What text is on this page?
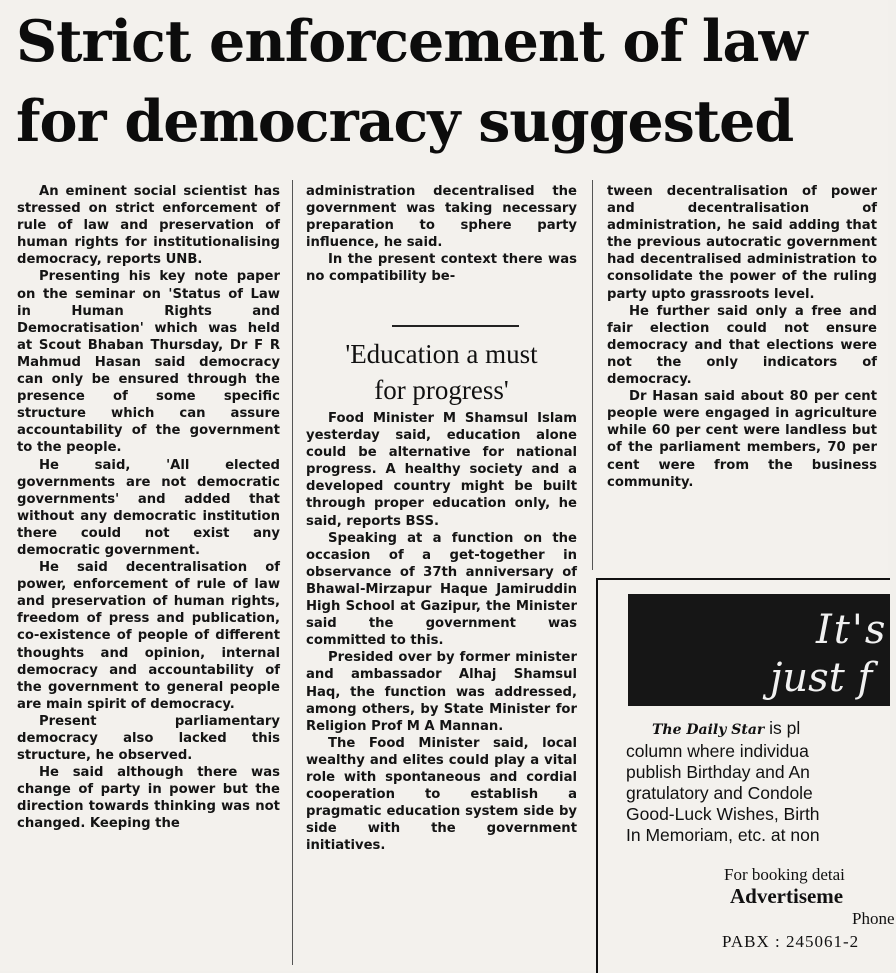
Strict enforcement of law
for democracy suggested

An eminent social scientist has stressed on strict enforcement of rule of law and preservation of human rights for institutionalising democracy, reports UNB.

Presenting his key note paper on the seminar on 'Status of Law in Human Rights and Democratisation' which was held at Scout Bhaban Thursday, Dr F R Mahmud Hasan said democracy can only be ensured through the presence of some specific structure which can assure accountability of the government to the people.

He said, 'All elected governments are not democratic governments' and added that without any democratic institution there could not exist any democratic government.

He said decentralisation of power, enforcement of rule of law and preservation of human rights, freedom of press and publication, co-existence of people of different thoughts and opinion, internal democracy and accountability of the government to general people are main spirit of democracy.

Present parliamentary democracy also lacked this structure, he observed.

He said although there was change of party in power but the direction towards thinking was not changed. Keeping the

administration decentralised the government was taking necessary preparation to sphere party influence, he said.

In the present context there was no compatibility be-

'Education a must
for progress'

Food Minister M Shamsul Islam yesterday said, education alone could be alternative for national progress. A healthy society and a developed country might be built through proper education only, he said, reports BSS.

Speaking at a function on the occasion of a get-together in observance of 37th anniversary of Bhawal-Mirzapur Haque Jamiruddin High School at Gazipur, the Minister said the government was committed to this.

Presided over by former minister and ambassador Alhaj Shamsul Haq, the function was addressed, among others, by State Minister for Religion Prof M A Mannan.

The Food Minister said, local wealthy and elites could play a vital role with spontaneous and cordial cooperation to establish a pragmatic education system side by side with the government initiatives.

tween decentralisation of power and decentralisation of administration, he said adding that the previous autocratic government had decentralised administration to consolidate the power of the ruling party upto grassroots level.

He further said only a free and fair election could not ensure democracy and that elections were not the only indicators of democracy.

Dr Hasan said about 80 per cent people were engaged in agriculture while 60 per cent were landless but of the parliament members, 70 per cent were from the business community.

It's
just f
The Daily Star is pl
column where individua
publish Birthday and An
gratulatory and Condole
Good-Luck Wishes, Birth
In Memoriam, etc. at non
For booking detai
Advertiseme
Phone
PABX : 245061-2
